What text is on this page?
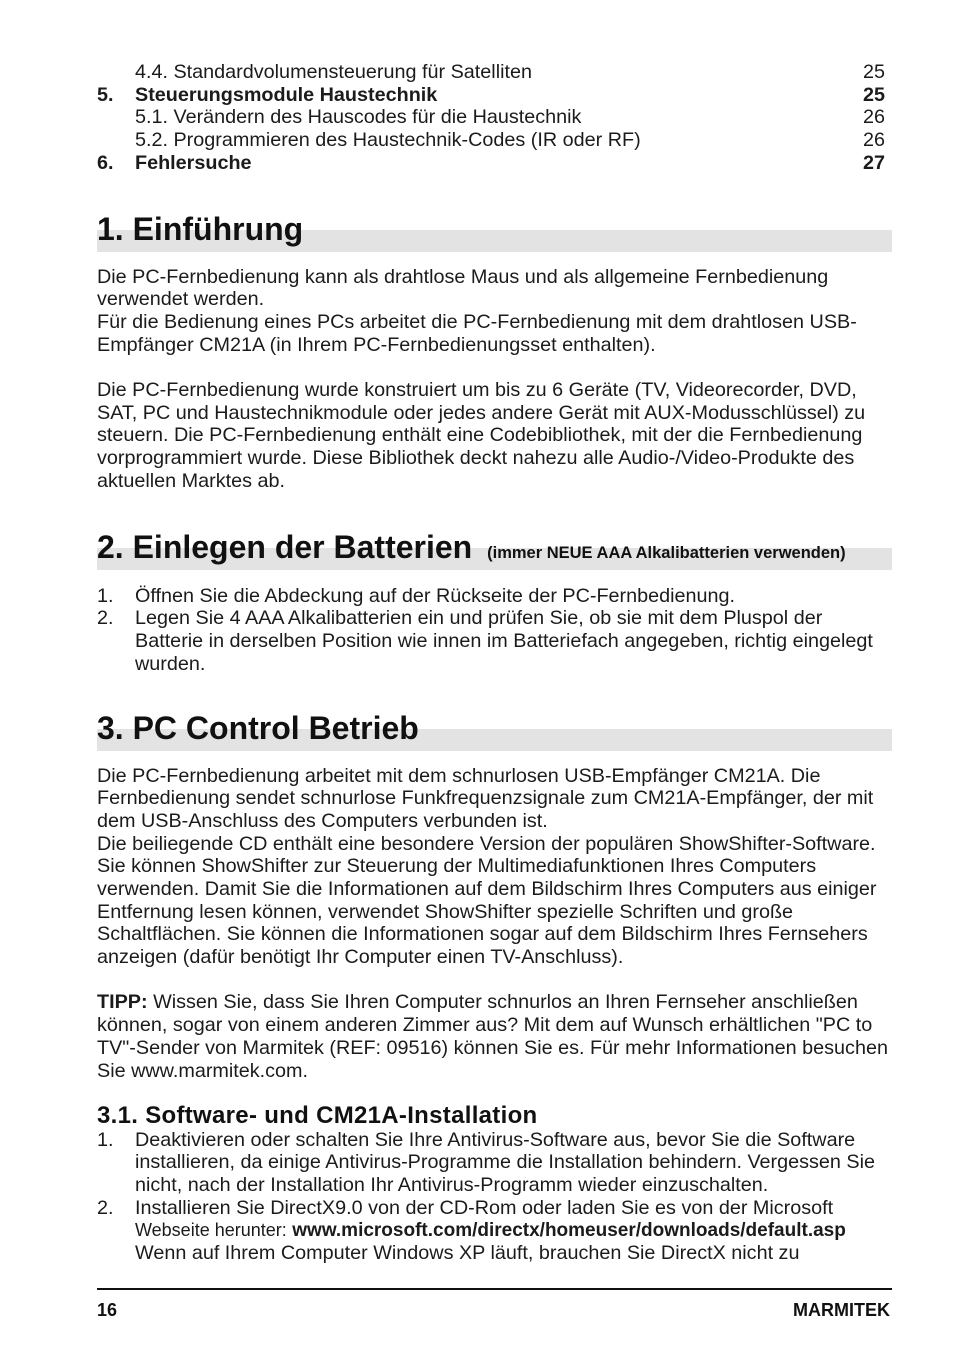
4.4. Standardvolumensteuerung für Satelliten	25
5.	Steuerungsmodule Haustechnik	25
5.1. Verändern des Hauscodes für die Haustechnik	26
5.2. Programmieren des Haustechnik-Codes (IR oder RF)	26
6.	Fehlersuche	27
1. Einführung
Die PC-Fernbedienung kann als drahtlose Maus und als allgemeine Fernbedienung
verwendet werden.
Für die Bedienung eines PCs arbeitet die PC-Fernbedienung mit dem drahtlosen USB-
Empfänger CM21A (in Ihrem PC-Fernbedienungsset enthalten).
Die PC-Fernbedienung wurde konstruiert um bis zu 6 Geräte (TV, Videorecorder, DVD,
SAT, PC und Haustechnikmodule oder jedes andere Gerät mit AUX-Modusschlüssel) zu
steuern. Die PC-Fernbedienung enthält eine Codebibliothek, mit der die Fernbedienung
vorprogrammiert wurde. Diese Bibliothek deckt nahezu alle Audio-/Video-Produkte des
aktuellen Marktes ab.
2. Einlegen der Batterien (immer NEUE AAA Alkalibatterien verwenden)
1.	Öffnen Sie die Abdeckung auf der Rückseite der PC-Fernbedienung.
2.	Legen Sie 4 AAA Alkalibatterien ein und prüfen Sie, ob sie mit dem Pluspol der
Batterie in derselben Position wie innen im Batteriefach angegeben, richtig eingelegt
wurden.
3. PC Control Betrieb
Die PC-Fernbedienung arbeitet mit dem schnurlosen USB-Empfänger CM21A. Die
Fernbedienung sendet schnurlose Funkfrequenzsignale zum CM21A-Empfänger, der mit
dem USB-Anschluss des Computers verbunden ist.
Die beiliegende CD enthält eine besondere Version der populären ShowShifter-Software.
Sie können ShowShifter zur Steuerung der Multimediafunktionen Ihres Computers
verwenden. Damit Sie die Informationen auf dem Bildschirm Ihres Computers aus einiger
Entfernung lesen können, verwendet ShowShifter spezielle Schriften und große
Schaltflächen. Sie können die Informationen sogar auf dem Bildschirm Ihres Fernsehers
anzeigen (dafür benötigt Ihr Computer einen TV-Anschluss).
TIPP: Wissen Sie, dass Sie Ihren Computer schnurlos an Ihren Fernseher anschließen
können, sogar von einem anderen Zimmer aus? Mit dem auf Wunsch erhältlichen "PC to
TV"-Sender von Marmitek (REF: 09516) können Sie es. Für mehr Informationen besuchen
Sie www.marmitek.com.
3.1. Software- und CM21A-Installation
1.	Deaktivieren oder schalten Sie Ihre Antivirus-Software aus, bevor Sie die Software
installieren, da einige Antivirus-Programme die Installation behindern. Vergessen Sie
nicht, nach der Installation Ihr Antivirus-Programm wieder einzuschalten.
2.	Installieren Sie DirectX9.0 von der CD-Rom oder laden Sie es von der Microsoft
Webseite herunter: www.microsoft.com/directx/homeuser/downloads/default.asp
Wenn auf Ihrem Computer Windows XP läuft, brauchen Sie DirectX nicht zu
16	MARMITEK
